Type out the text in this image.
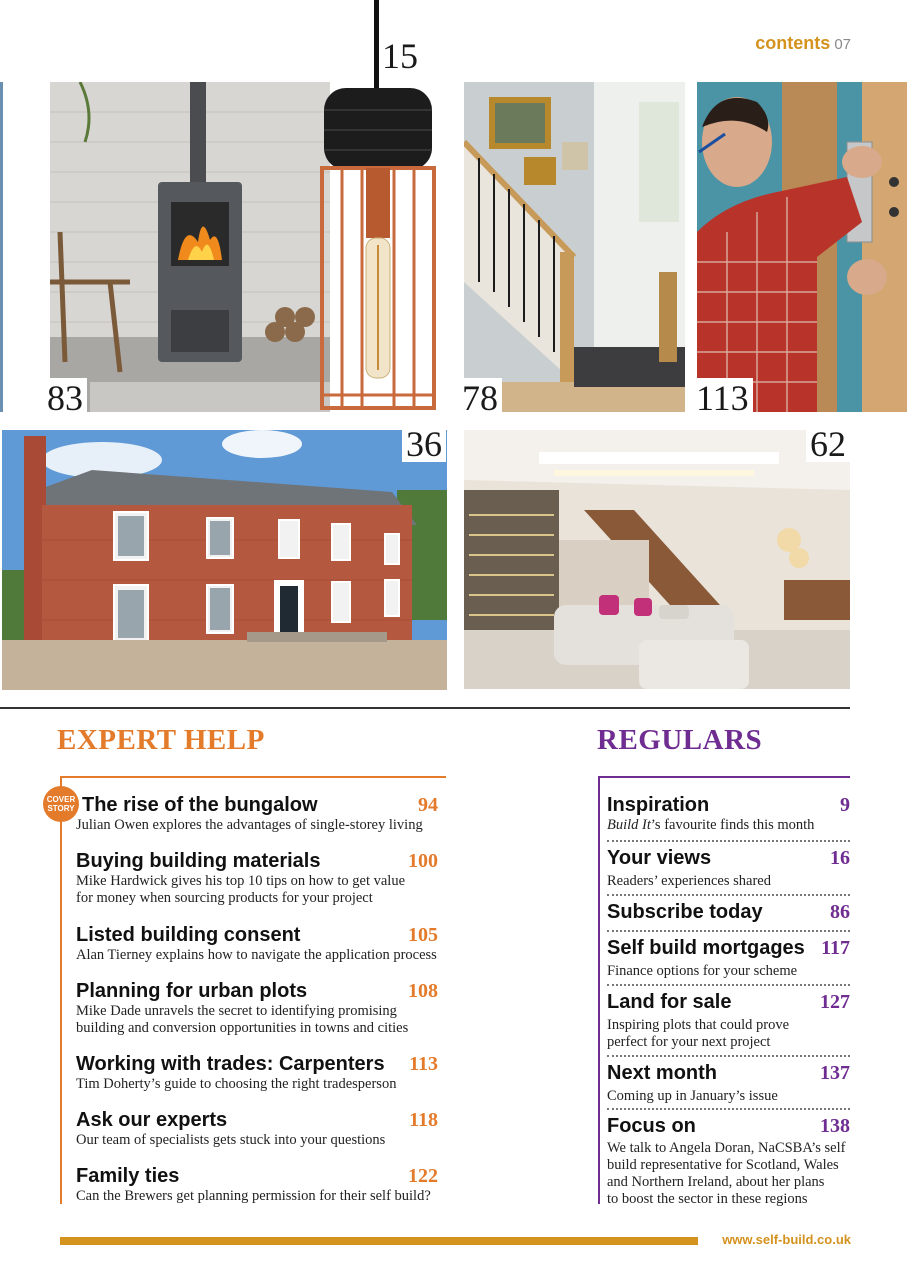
contents 07
83
15
78	113
36	62
EXPERT HELP
COVER
STORY The rise of the bungalow	94
Julian Owen explores the advantages of single-storey living
Buying building materials	100
Mike Hardwick gives his top 10 tips on how to get value
for money when sourcing products for your project
Listed building consent	105
Alan Tierney explains how to navigate the application process
Planning for urban plots	108
Mike Dade unravels the secret to identifying promising
building and conversion opportunities in towns and cities
Working with trades: Carpenters 113
Tim Doherty’s guide to choosing the right tradesperson
Ask our experts	118
Our team of specialists gets stuck into your questions
Family ties	122
Can the Brewers get planning permission for their self build?
REGULARS
Inspiration	9
Build It’s favourite finds this month
Your views	16
Readers’ experiences shared
Subscribe today	86
Self build mortgages 117
Finance options for your scheme
Land for sale	127
Inspiring plots that could prove
perfect for your next project
Next month	137
Coming up in January’s issue
Focus on	138
We talk to Angela Doran, NaCSBA’s self
build representative for Scotland, Wales
and Northern Ireland, about her plans
to boost the sector in these regions
www.self-build.co.uk
